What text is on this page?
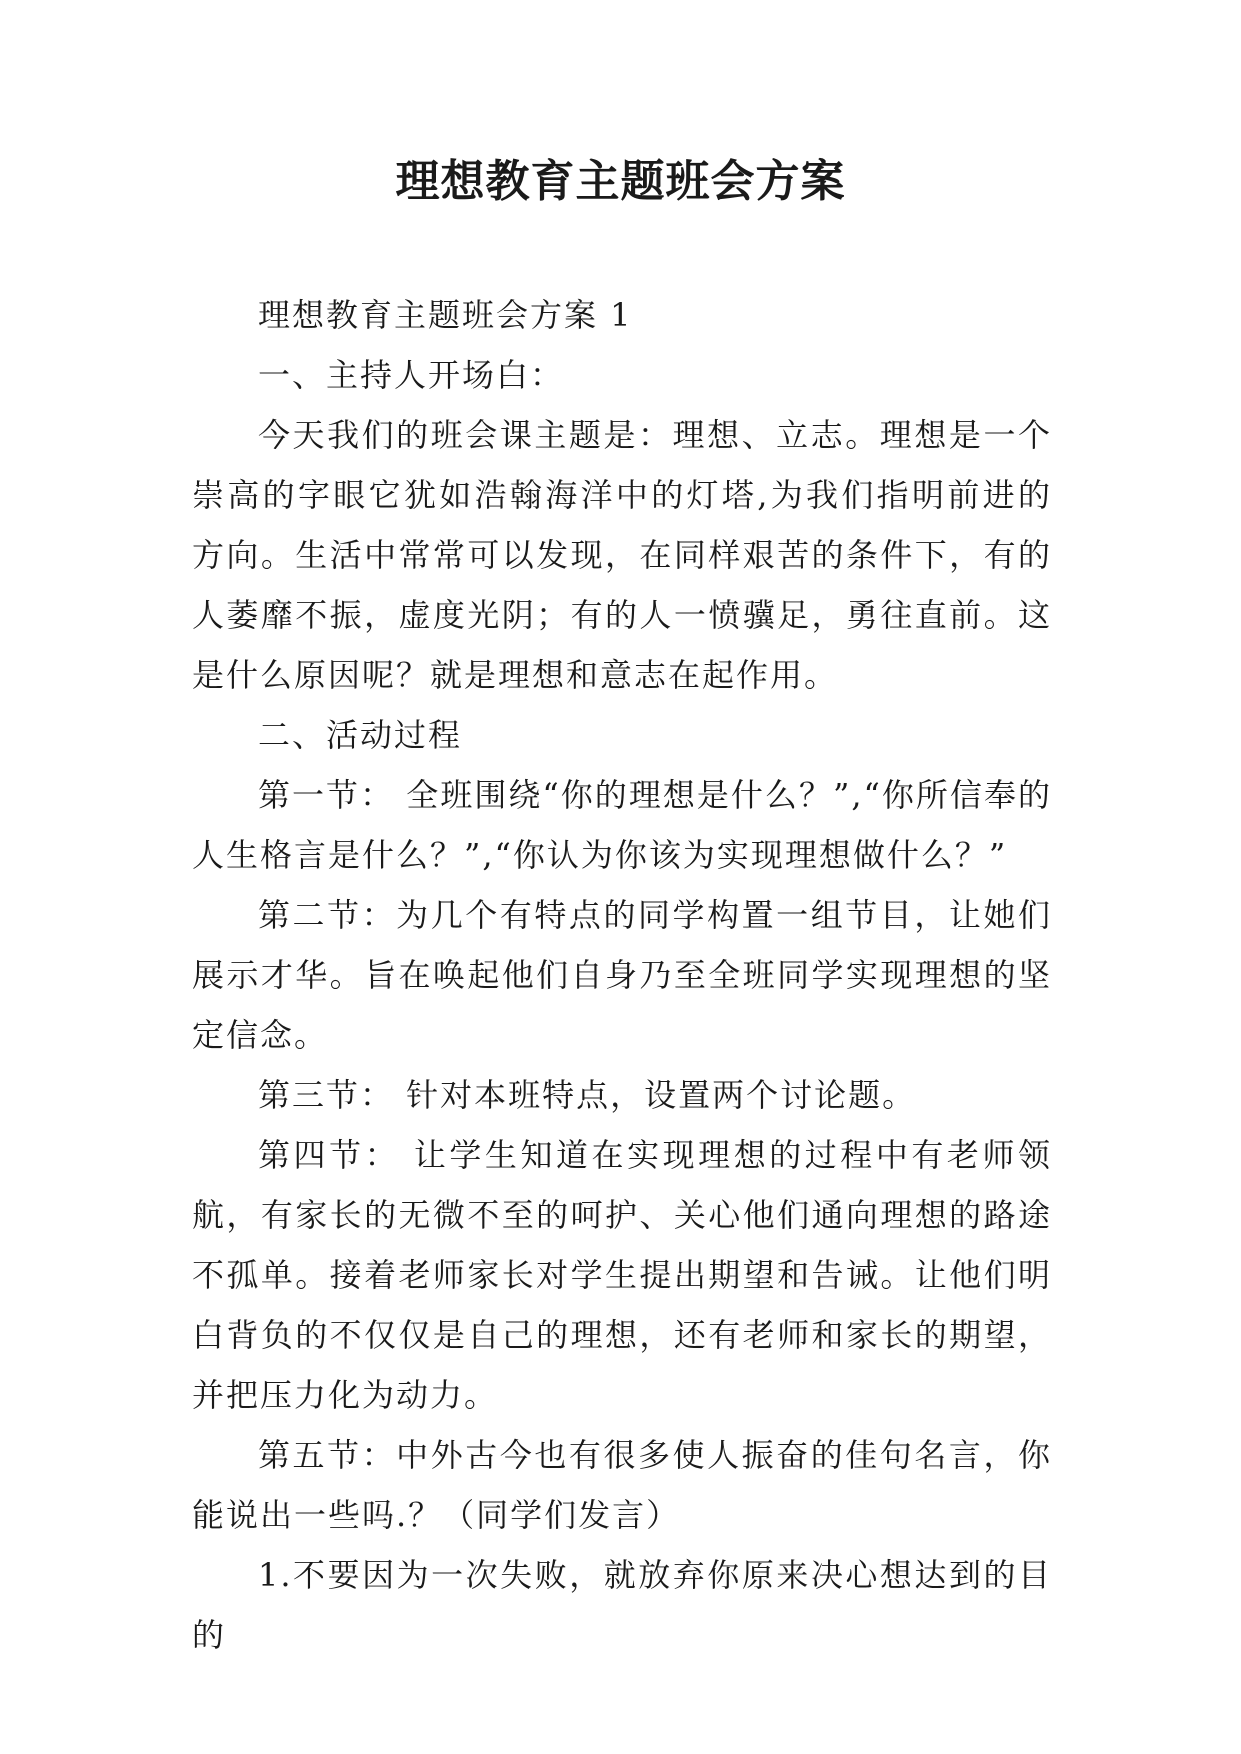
理想教育主题班会方案

理想教育主题班会方案 1

一、主持人开场白：

今天我们的班会课主题是：理想、立志。理想是一个崇高的字眼它犹如浩翰海洋中的灯塔,为我们指明前进的方向。生活中常常可以发现，在同样艰苦的条件下，有的人萎靡不振，虚度光阴；有的人一愤骥足，勇往直前。这是什么原因呢？就是理想和意志在起作用。

二、活动过程

第一节： 全班围绕“你的理想是什么？”,“你所信奉的人生格言是什么？”,“你认为你该为实现理想做什么？”

第二节：为几个有特点的同学构置一组节目，让她们展示才华。旨在唤起他们自身乃至全班同学实现理想的坚定信念。

第三节： 针对本班特点，设置两个讨论题。

第四节： 让学生知道在实现理想的过程中有老师领航，有家长的无微不至的呵护、关心他们通向理想的路途不孤单。接着老师家长对学生提出期望和告诫。让他们明白背负的不仅仅是自己的理想，还有老师和家长的期望，并把压力化为动力。

第五节：中外古今也有很多使人振奋的佳句名言，你能说出一些吗.？（同学们发言）

1.不要因为一次失败，就放弃你原来决心想达到的目的
